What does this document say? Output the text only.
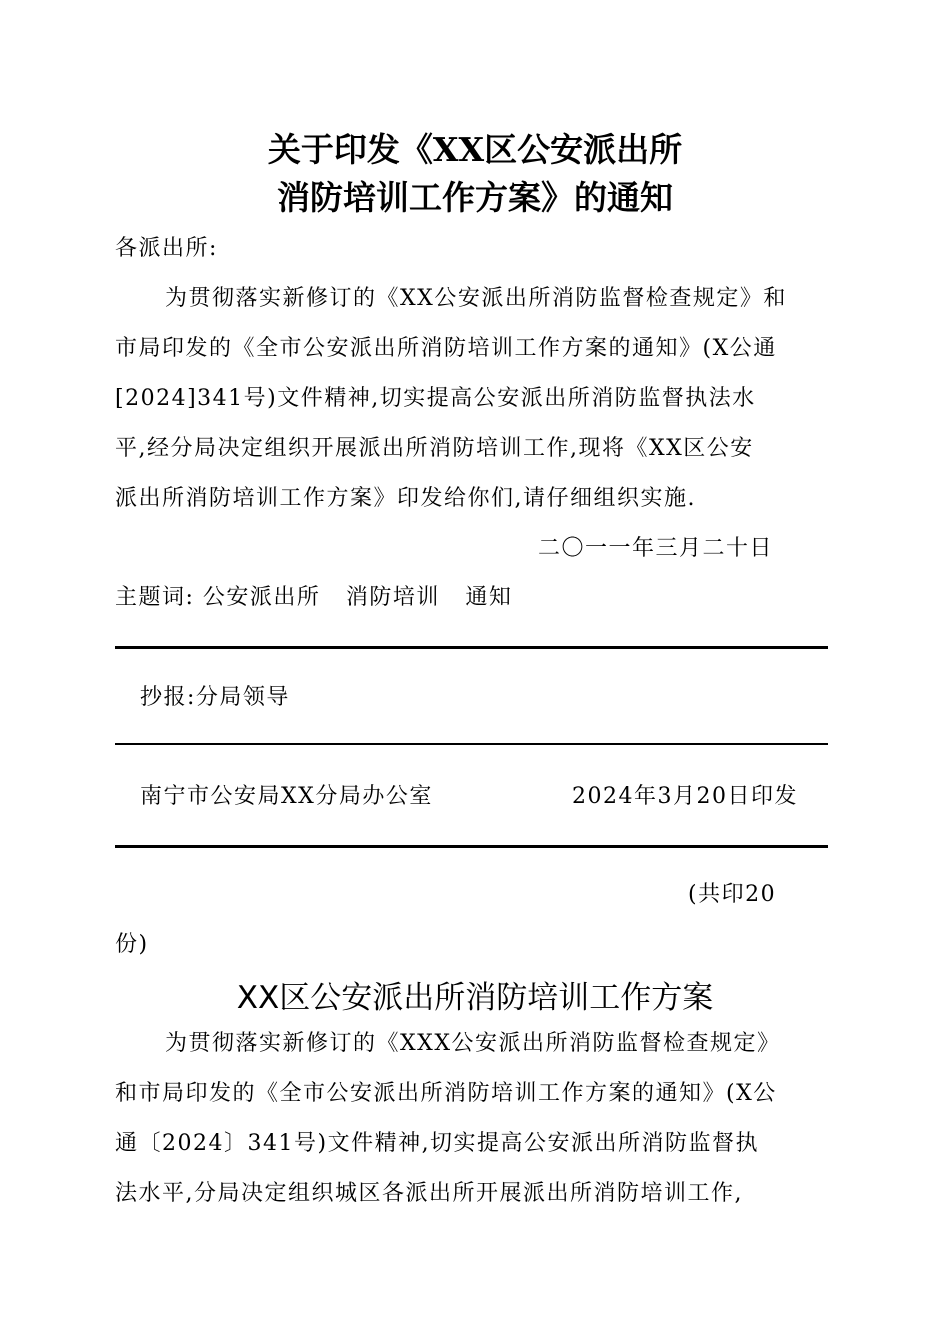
关于印发《XX区公安派出所
消防培训工作方案》的通知
各派出所:
为贯彻落实新修订的《XX公安派出所消防监督检查规定》和
市局印发的《全市公安派出所消防培训工作方案的通知》(X公通
[2024]341号)文件精神,切实提高公安派出所消防监督执法水
平,经分局决定组织开展派出所消防培训工作,现将《XX区公安
派出所消防培训工作方案》印发给你们,请仔细组织实施.
二〇一一年三月二十日
主题词: 公安派出所   消防培训   通知
抄报:分局领导
南宁市公安局XX分局办公室	2024年3月20日印发
(共印20
份)
XX区公安派出所消防培训工作方案
为贯彻落实新修订的《XXX公安派出所消防监督检查规定》
和市局印发的《全市公安派出所消防培训工作方案的通知》(X公
通〔2024〕341号)文件精神,切实提高公安派出所消防监督执
法水平,分局决定组织城区各派出所开展派出所消防培训工作,
